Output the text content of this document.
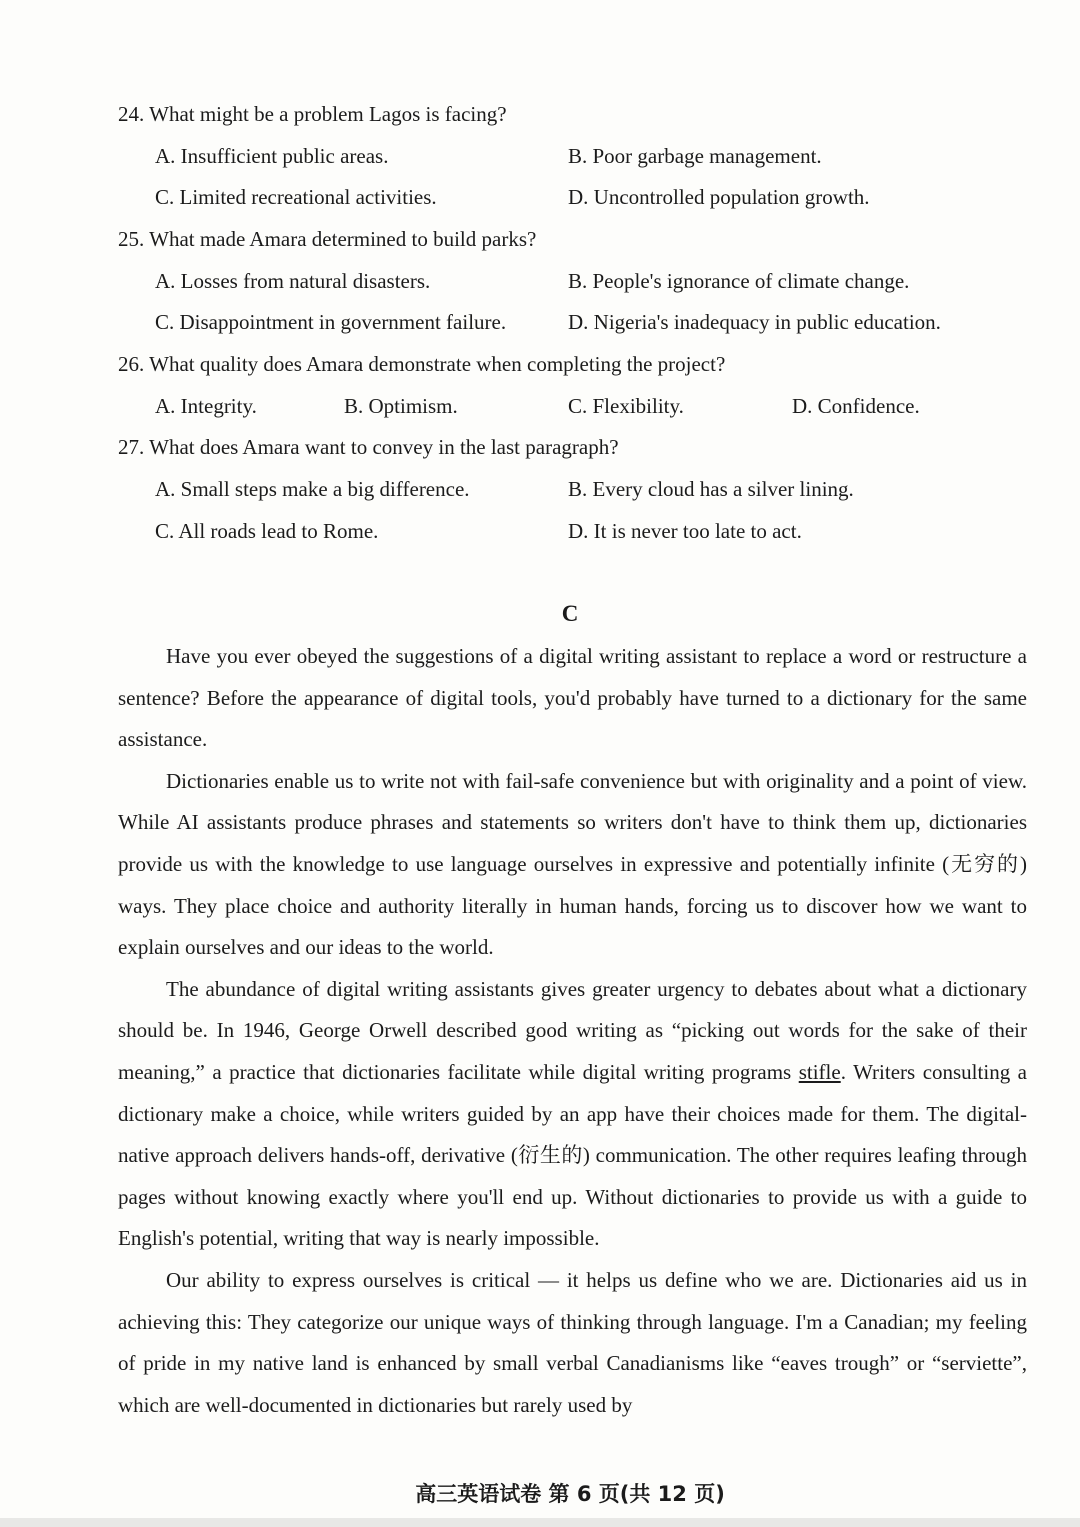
24. What might be a problem Lagos is facing?
A. Insufficient public areas.	B. Poor garbage management.
C. Limited recreational activities.	D. Uncontrolled population growth.
25. What made Amara determined to build parks?
A. Losses from natural disasters.	B. People's ignorance of climate change.
C. Disappointment in government failure.	D. Nigeria's inadequacy in public education.
26. What quality does Amara demonstrate when completing the project?
A. Integrity.	B. Optimism.	C. Flexibility.	D. Confidence.
27. What does Amara want to convey in the last paragraph?
A. Small steps make a big difference.	B. Every cloud has a silver lining.
C. All roads lead to Rome.	D. It is never too late to act.
C

Have you ever obeyed the suggestions of a digital writing assistant to replace a word or restructure a sentence? Before the appearance of digital tools, you'd probably have turned to a dictionary for the same assistance.

Dictionaries enable us to write not with fail-safe convenience but with originality and a point of view. While AI assistants produce phrases and statements so writers don't have to think them up, dictionaries provide us with the knowledge to use language ourselves in expressive and potentially infinite (无穷的) ways. They place choice and authority literally in human hands, forcing us to discover how we want to explain ourselves and our ideas to the world.

The abundance of digital writing assistants gives greater urgency to debates about what a dictionary should be. In 1946, George Orwell described good writing as “picking out words for the sake of their meaning,” a practice that dictionaries facilitate while digital writing programs stifle. Writers consulting a dictionary make a choice, while writers guided by an app have their choices made for them. The digital-native approach delivers hands-off, derivative (衍生的) communication. The other requires leafing through pages without knowing exactly where you'll end up. Without dictionaries to provide us with a guide to English's potential, writing that way is nearly impossible.

Our ability to express ourselves is critical — it helps us define who we are. Dictionaries aid us in achieving this: They categorize our unique ways of thinking through language. I'm a Canadian; my feeling of pride in my native land is enhanced by small verbal Canadianisms like “eaves trough” or “serviette”, which are well-documented in dictionaries but rarely used by

高三英语试卷 第 6 页(共 12 页)
